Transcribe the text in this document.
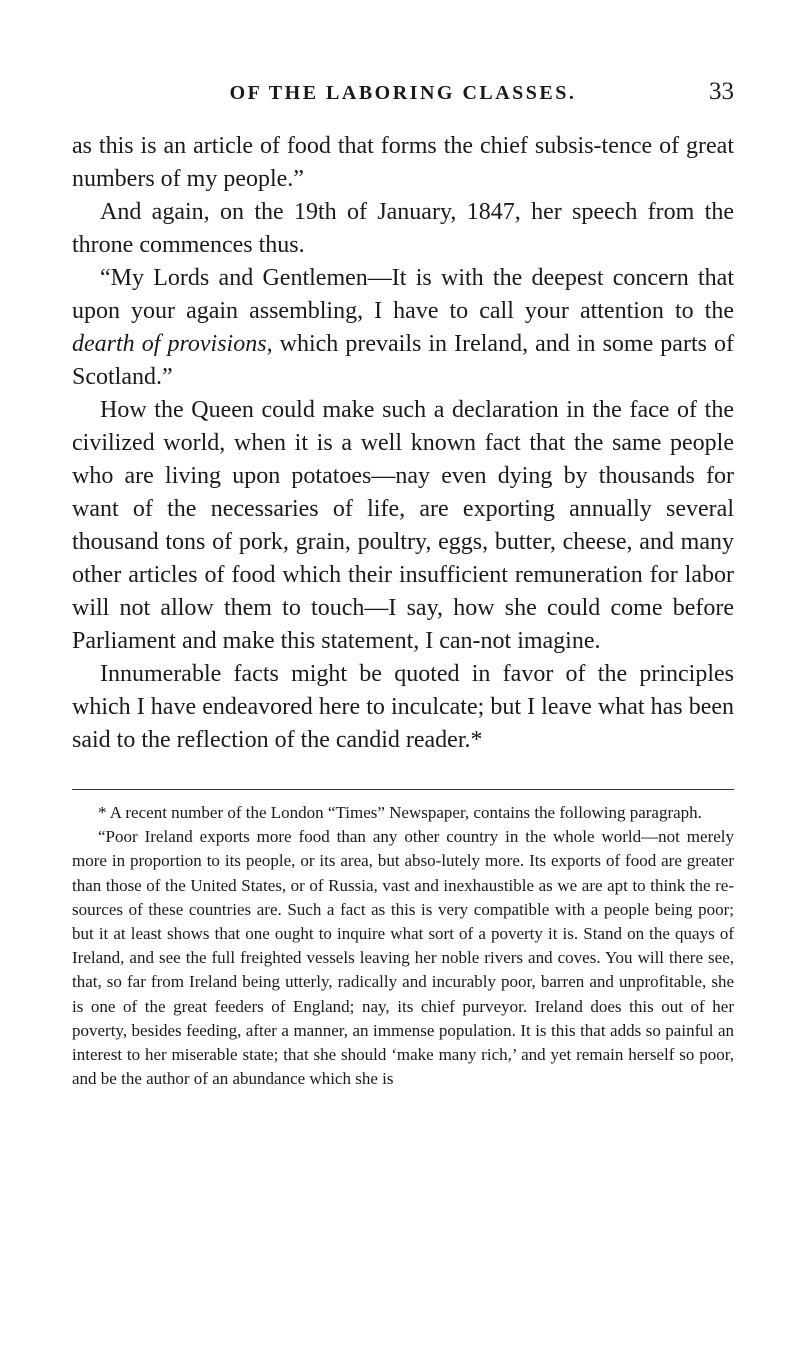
OF THE LABORING CLASSES.	33

as this is an article of food that forms the chief subsis-tence of great numbers of my people.”

And again, on the 19th of January, 1847, her speech from the throne commences thus.

“My Lords and Gentlemen—It is with the deepest concern that upon your again assembling, I have to call your attention to the dearth of provisions, which prevails in Ireland, and in some parts of Scotland.”

How the Queen could make such a declaration in the face of the civilized world, when it is a well known fact that the same people who are living upon potatoes—nay even dying by thousands for want of the necessaries of life, are exporting annually several thousand tons of pork, grain, poultry, eggs, butter, cheese, and many other articles of food which their insufficient remuneration for labor will not allow them to touch—I say, how she could come before Parliament and make this statement, I can-not imagine.

Innumerable facts might be quoted in favor of the principles which I have endeavored here to inculcate; but I leave what has been said to the reflection of the candid reader.*

* A recent number of the London “Times” Newspaper, contains the following paragraph.

“Poor Ireland exports more food than any other country in the whole world—not merely more in proportion to its people, or its area, but abso-lutely more. Its exports of food are greater than those of the United States, or of Russia, vast and inexhaustible as we are apt to think the re-sources of these countries are. Such a fact as this is very compatible with a people being poor; but it at least shows that one ought to inquire what sort of a poverty it is. Stand on the quays of Ireland, and see the full freighted vessels leaving her noble rivers and coves. You will there see, that, so far from Ireland being utterly, radically and incurably poor, barren and unprofitable, she is one of the great feeders of England; nay, its chief purveyor. Ireland does this out of her poverty, besides feeding, after a manner, an immense population. It is this that adds so painful an interest to her miserable state; that she should ‘make many rich,’ and yet remain herself so poor, and be the author of an abundance which she is
